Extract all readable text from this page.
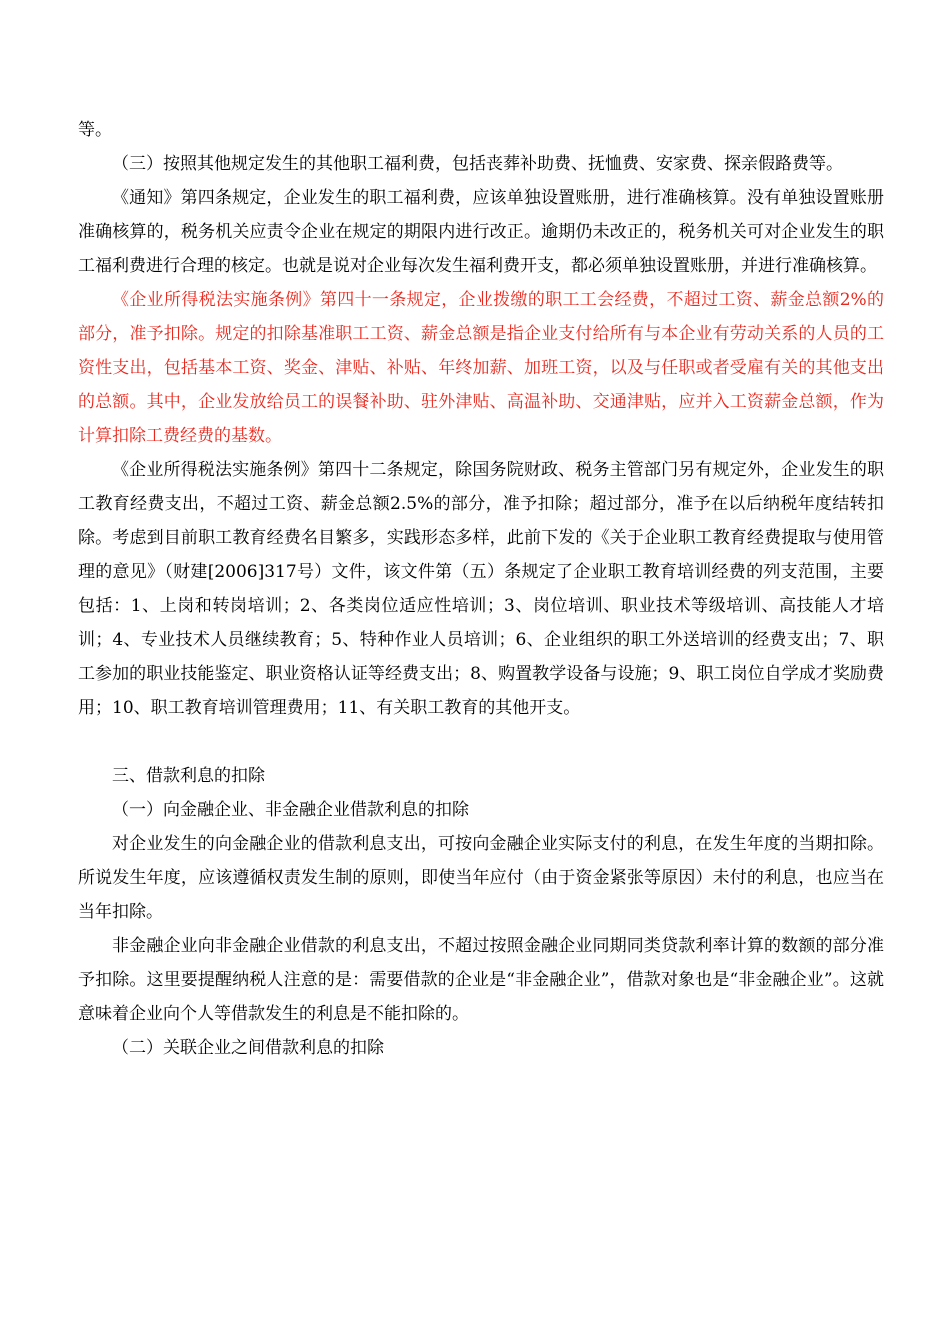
等。

（三）按照其他规定发生的其他职工福利费，包括丧葬补助费、抚恤费、安家费、探亲假路费等。

《通知》第四条规定，企业发生的职工福利费，应该单独设置账册，进行准确核算。没有单独设置账册准确核算的，税务机关应责令企业在规定的期限内进行改正。逾期仍未改正的，税务机关可对企业发生的职工福利费进行合理的核定。也就是说对企业每次发生福利费开支，都必须单独设置账册，并进行准确核算。

《企业所得税法实施条例》第四十一条规定，企业拨缴的职工工会经费，不超过工资、薪金总额2%的部分，准予扣除。规定的扣除基准职工工资、薪金总额是指企业支付给所有与本企业有劳动关系的人员的工资性支出，包括基本工资、奖金、津贴、补贴、年终加薪、加班工资，以及与任职或者受雇有关的其他支出的总额。其中，企业发放给员工的误餐补助、驻外津贴、高温补助、交通津贴，应并入工资薪金总额，作为计算扣除工费经费的基数。

《企业所得税法实施条例》第四十二条规定，除国务院财政、税务主管部门另有规定外，企业发生的职工教育经费支出，不超过工资、薪金总额2.5%的部分，准予扣除；超过部分，准予在以后纳税年度结转扣除。考虑到目前职工教育经费名目繁多，实践形态多样，此前下发的《关于企业职工教育经费提取与使用管理的意见》（财建[2006]317号）文件，该文件第（五）条规定了企业职工教育培训经费的列支范围，主要包括：1、上岗和转岗培训；2、各类岗位适应性培训；3、岗位培训、职业技术等级培训、高技能人才培训；4、专业技术人员继续教育；5、特种作业人员培训；6、企业组织的职工外送培训的经费支出；7、职工参加的职业技能鉴定、职业资格认证等经费支出；8、购置教学设备与设施；9、职工岗位自学成才奖励费用；10、职工教育培训管理费用；11、有关职工教育的其他开支。

三、借款利息的扣除

（一）向金融企业、非金融企业借款利息的扣除

对企业发生的向金融企业的借款利息支出，可按向金融企业实际支付的利息，在发生年度的当期扣除。所说发生年度，应该遵循权责发生制的原则，即使当年应付（由于资金紧张等原因）未付的利息，也应当在当年扣除。

非金融企业向非金融企业借款的利息支出，不超过按照金融企业同期同类贷款利率计算的数额的部分准予扣除。这里要提醒纳税人注意的是：需要借款的企业是“非金融企业”，借款对象也是“非金融企业”。这就意味着企业向个人等借款发生的利息是不能扣除的。

（二）关联企业之间借款利息的扣除
